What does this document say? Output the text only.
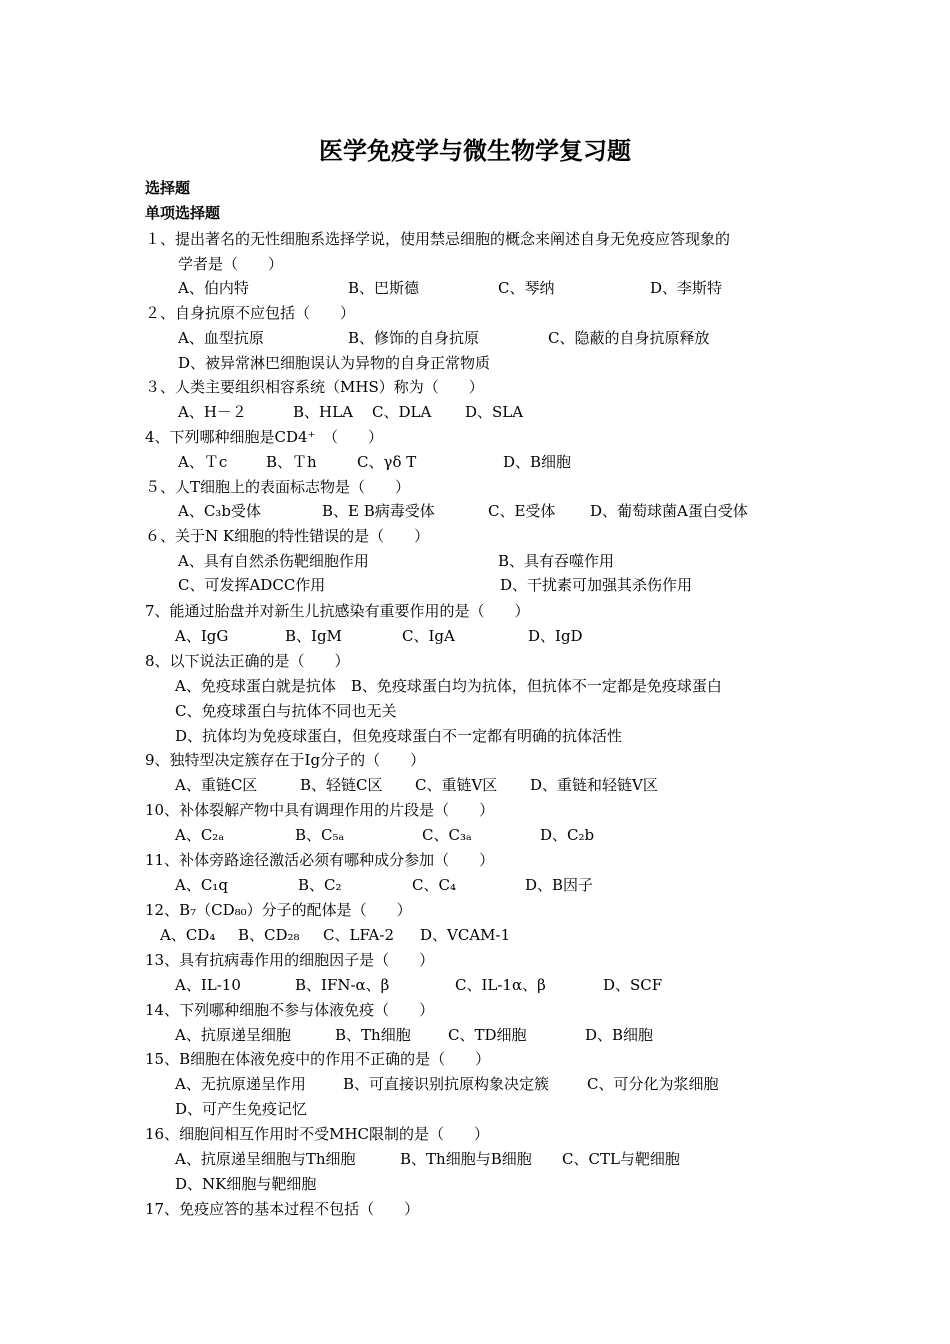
医学免疫学与微生物学复习题
选择题
单项选择题
１、提出著名的无性细胞系选择学说，使用禁忌细胞的概念来阐述自身无免疫应答现象的
学者是（　　）
A、伯内特	B、巴斯德	C、琴纳	D、李斯特
２、自身抗原不应包括（　　）
A、血型抗原	B、修饰的自身抗原	C、隐蔽的自身抗原释放
D、被异常淋巴细胞误认为异物的自身正常物质
３、人类主要组织相容系统（MHS）称为（　　）
A、H－２	B、HLA C、DLA D、SLA
4、下列哪种细胞是CD4⁺　（　　）
A、Ｔc	B、Ｔh	C、γδ T	D、B细胞
５、人T细胞上的表面标志物是（　　）
A、C₃b受体	B、E B病毒受体	C、E受体 D、葡萄球菌A蛋白受体
６、关于N K细胞的特性错误的是（　　）
A、具有自然杀伤靶细胞作用	B、具有吞噬作用
C、可发挥ADCC作用	D、干扰素可加强其杀伤作用
7、能通过胎盘并对新生儿抗感染有重要作用的是（　　）
A、IgG	B、IgM	C、IgA	D、IgD
8、以下说法正确的是（　　）
A、免疫球蛋白就是抗体　B、免疫球蛋白均为抗体，但抗体不一定都是免疫球蛋白
C、免疫球蛋白与抗体不同也无关
D、抗体均为免疫球蛋白，但免疫球蛋白不一定都有明确的抗体活性
9、独特型决定簇存在于Ig分子的（　　）
A、重链C区	B、轻链C区 C、重链V区 D、重链和轻链V区
10、补体裂解产物中具有调理作用的片段是（　　）
A、C₂ₐ	B、C₅ₐ	C、C₃ₐ	D、C₂b
11、补体旁路途径激活必须有哪种成分参加（　　）
A、C₁q	B、C₂	C、C₄	D、B因子
12、B₇（CD₈₀）分子的配体是（　　）
A、CD₄ B、CD₂₈ C、LFA-2 D、VCAM-1
13、具有抗病毒作用的细胞因子是（　　）
A、IL-10	B、IFN-α、β	C、IL-1α、β	D、SCF
14、下列哪种细胞不参与体液免疫（　　）
A、抗原递呈细胞	B、Th细胞 C、TD细胞	D、B细胞
15、B细胞在体液免疫中的作用不正确的是（　　）
A、无抗原递呈作用 B、可直接识别抗原构象决定簇	C、可分化为浆细胞
D、可产生免疫记忆
16、细胞间相互作用时不受MHC限制的是（　　）
A、抗原递呈细胞与Th细胞	B、Th细胞与B细胞 C、CTL与靶细胞
D、NK细胞与靶细胞
17、免疫应答的基本过程不包括（　　）
